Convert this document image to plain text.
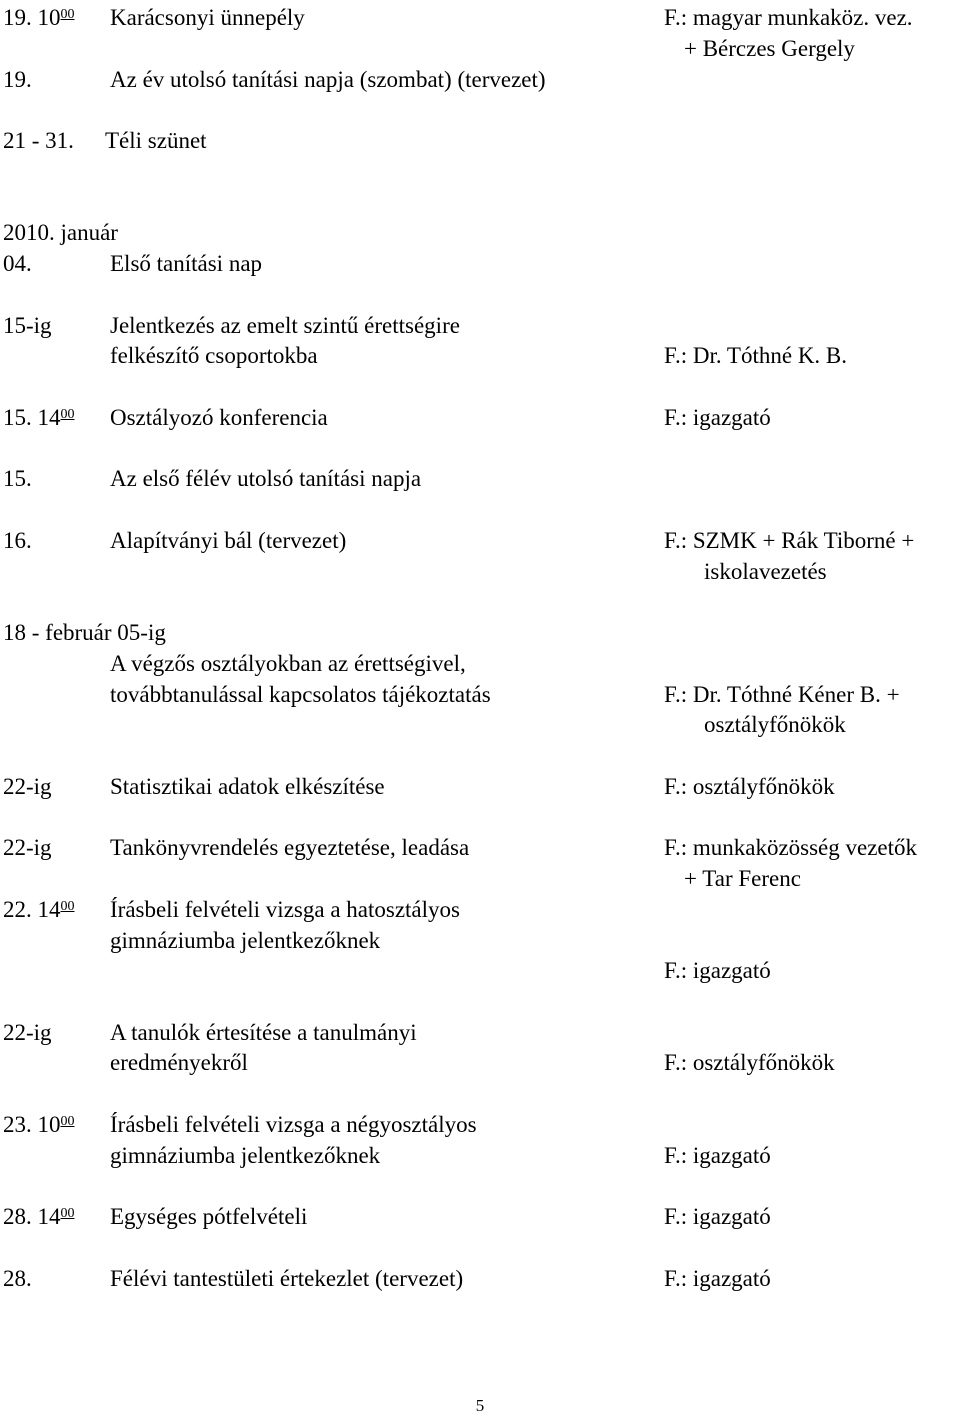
19. $10^{00}$ Karácsonyi ünnepély	F.: magyar munkaköz. vez.
+ Bérczes Gergely
19.	Az év utolsó tanítási napja (szombat) (tervezet)
21 - 31. Téli szünet
2010. január
04.	Első tanítási nap
15-ig	Jelentkezés az emelt szintű érettségire
felkészítő csoportokba	F.: Dr. Tóthné K. B.
15. $14^{00}$ Osztályozó konferencia	F.: igazgató
15.	Az első félév utolsó tanítási napja
16.	Alapítványi bál (tervezet)	F.: SZMK + Rák Tiborné +
iskolavezetés
18 - február 05-ig
A végzős osztályokban az érettségivel,
továbbtanulással kapcsolatos tájékoztatás	F.: Dr. Tóthné Kéner B. +
osztályfőnökök
22-ig	Statisztikai adatok elkészítése	F.: osztályfőnökök
22-ig	Tankönyvrendelés egyeztetése, leadása	F.: munkaközösség vezetők
+ Tar Ferenc
22. $14^{00}$ Írásbeli felvételi vizsga a hatosztályos
gimnáziumba jelentkezőknek
F.: igazgató
22-ig	A tanulók értesítése a tanulmányi
eredményekről	F.: osztályfőnökök
23. $10^{00}$ Írásbeli felvételi vizsga a négyosztályos
gimnáziumba jelentkezőknek	F.: igazgató
28. $14^{00}$ Egységes pótfelvételi	F.: igazgató
28.	Félévi tantestületi értekezlet (tervezet)	F.: igazgató
5
